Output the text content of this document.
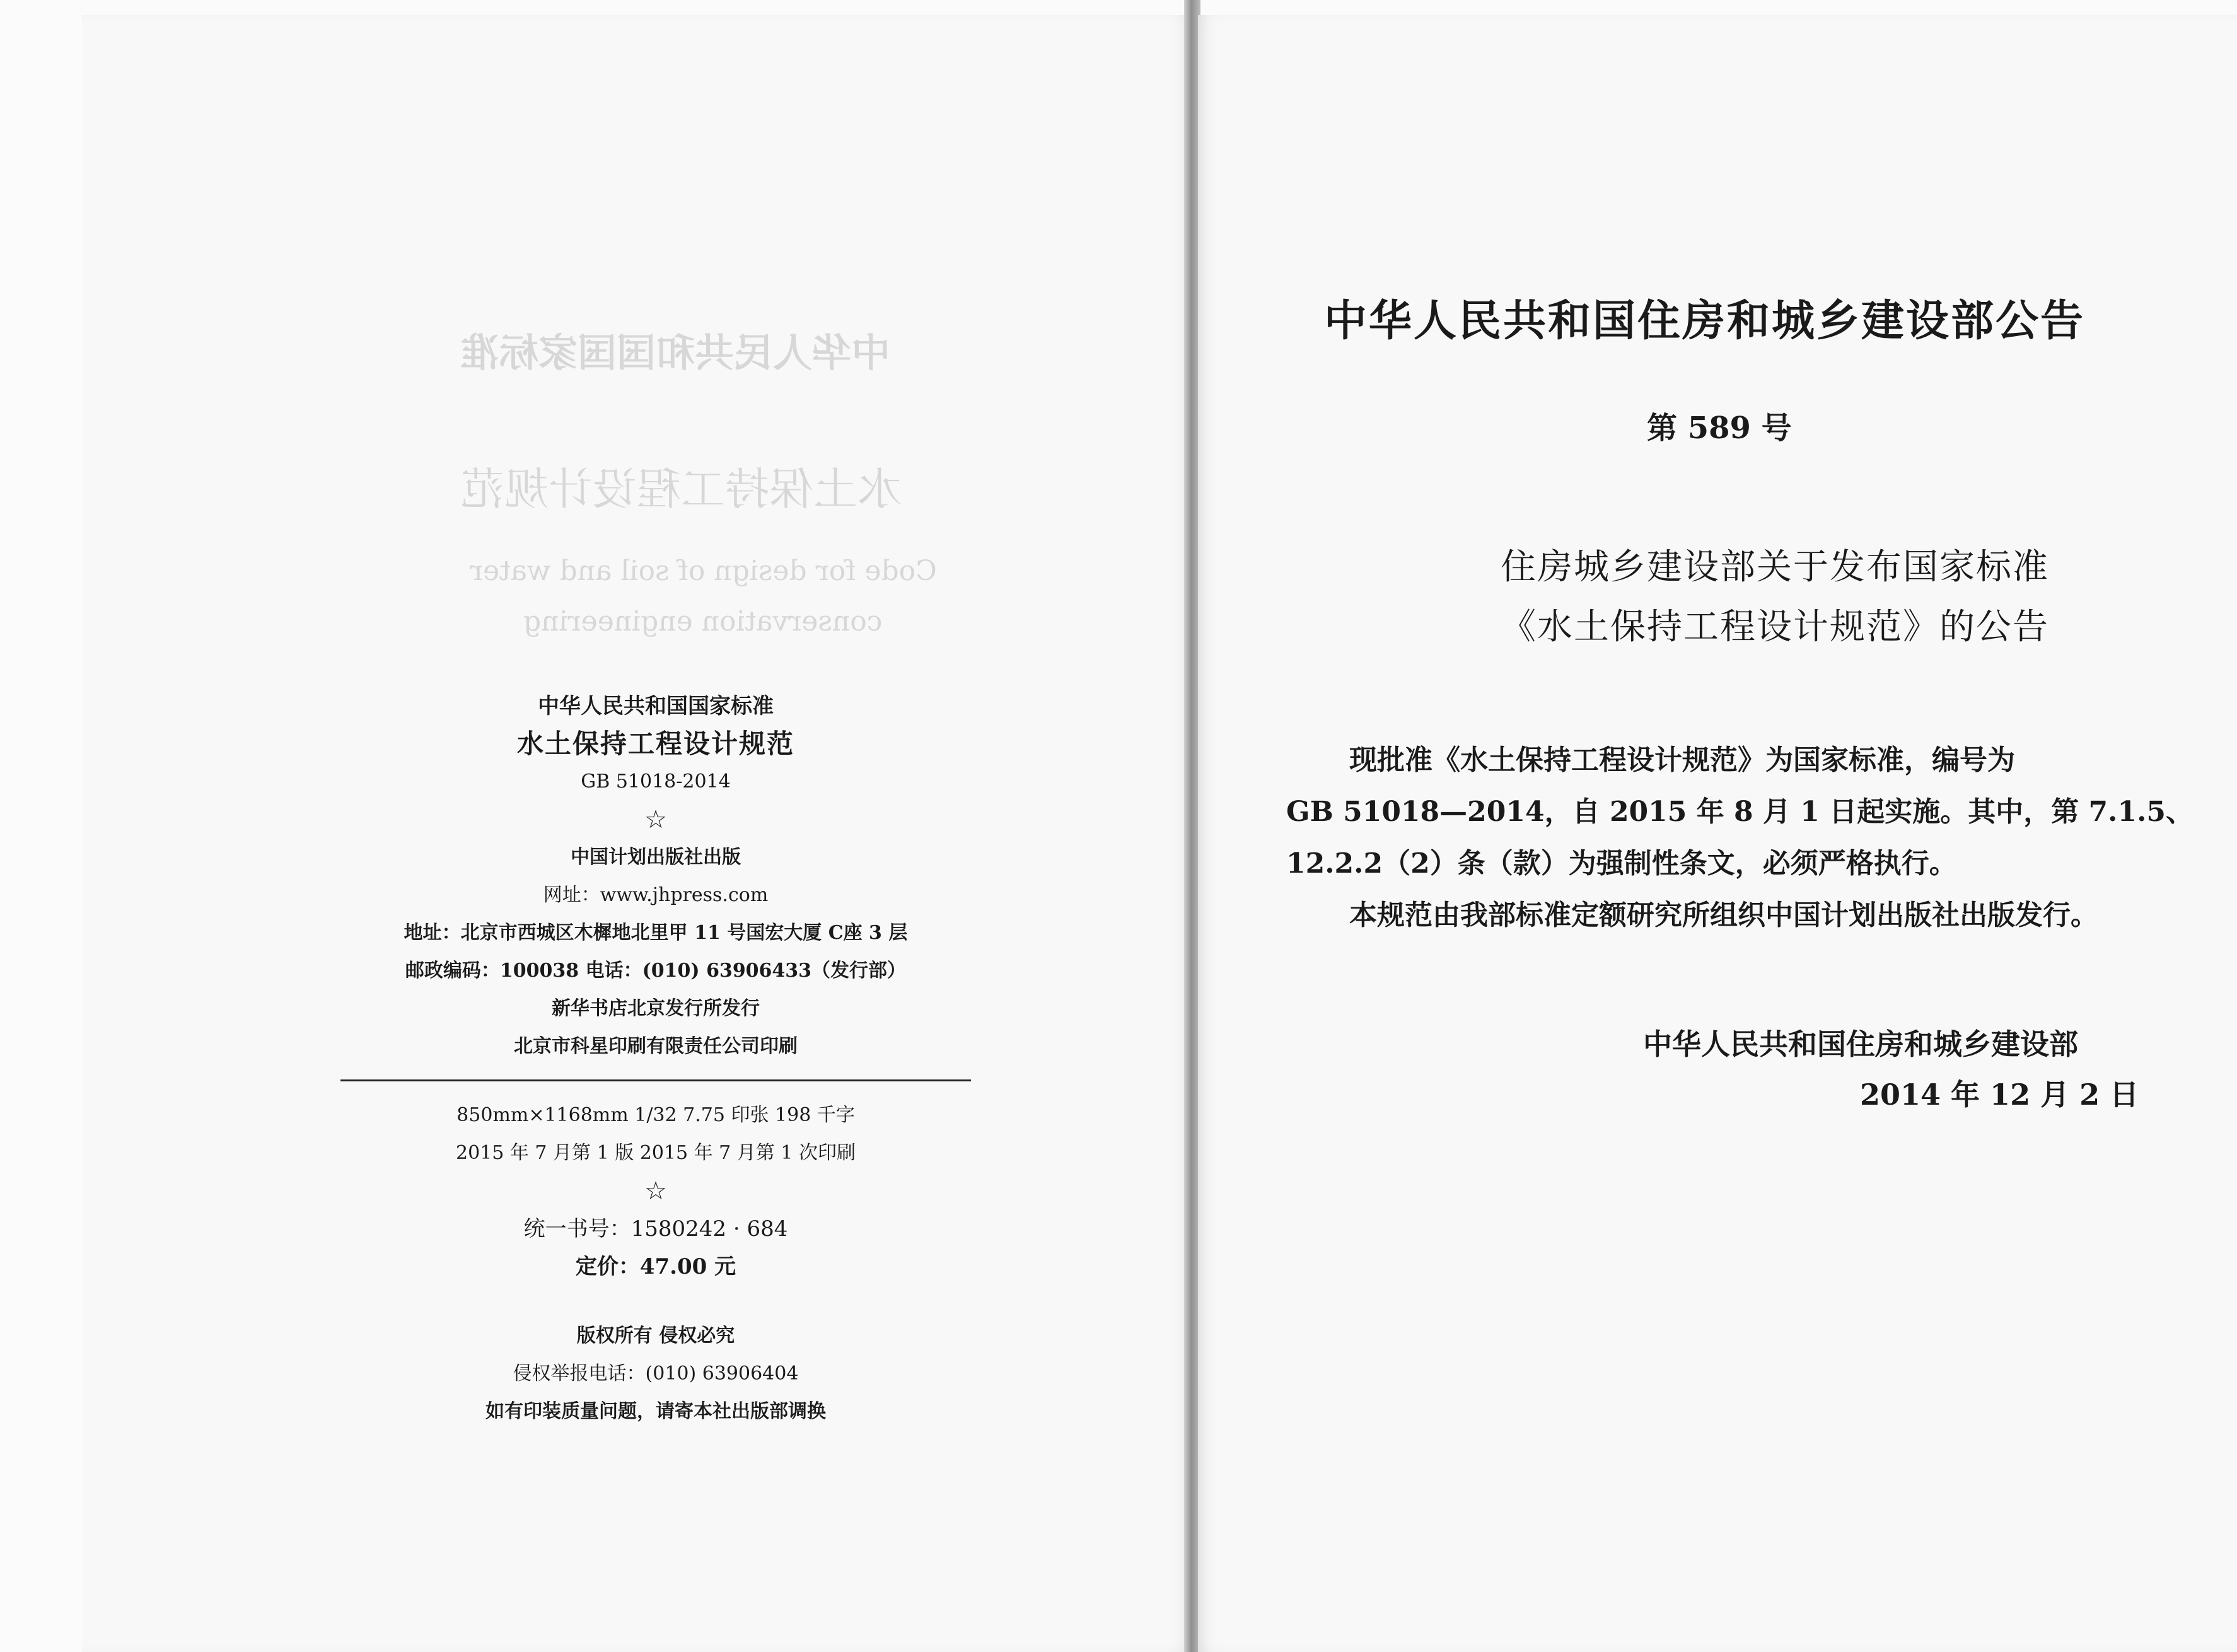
中华人民共和国国家标准
水土保持工程设计规范
Code for design of soil and water
conservation engineering
中华人民共和国国家标准
水土保持工程设计规范
GB 51018-2014
☆
中国计划出版社出版
网址：www.jhpress.com
地址：北京市西城区木樨地北里甲 11 号国宏大厦 C座 3 层
邮政编码：100038 电话：(010) 63906433（发行部）
新华书店北京发行所发行
北京市科星印刷有限责任公司印刷
850mm×1168mm 1/32 7.75 印张 198 千字
2015 年 7 月第 1 版 2015 年 7 月第 1 次印刷
☆
统一书号：1580242 · 684
定价：47.00 元
版权所有 侵权必究
侵权举报电话：(010) 63906404
如有印装质量问题，请寄本社出版部调换
中华人民共和国住房和城乡建设部公告
第 589 号
住房城乡建设部关于发布国家标准
《水土保持工程设计规范》的公告
现批准《水土保持工程设计规范》为国家标准，编号为
GB 51018—2014，自 2015 年 8 月 1 日起实施。其中，第 7.1.5、
12.2.2（2）条（款）为强制性条文，必须严格执行。
本规范由我部标准定额研究所组织中国计划出版社出版发行。
中华人民共和国住房和城乡建设部
2014 年 12 月 2 日
